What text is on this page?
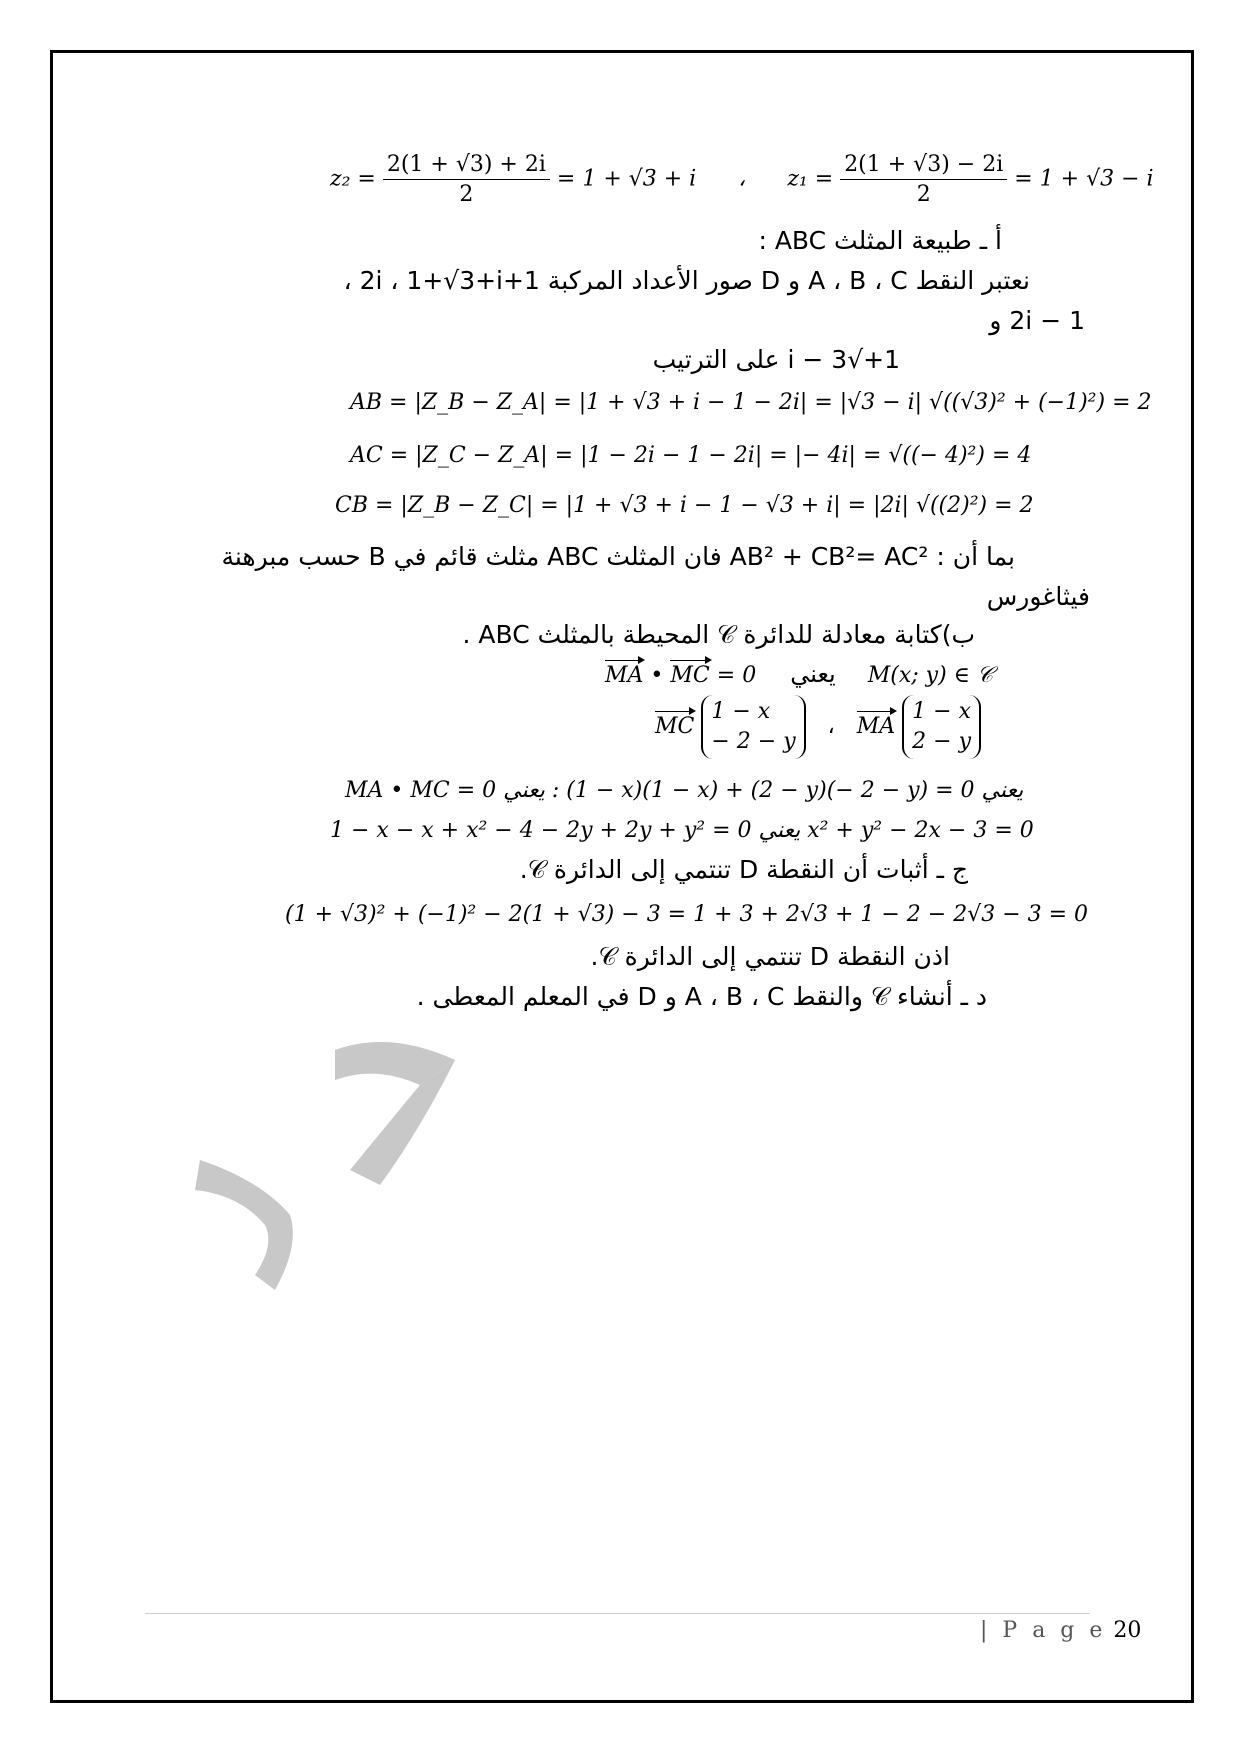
$z_2 = \frac{2(1 + √3) + 2i}{2} = 1 + √3 + i$ ، $z_1 = \frac{2(1 + √3) - 2i}{2} = 1 + √3 - i$
أ ـ طبيعة المثلث ABC :
نعتبر النقط A ، B ، C و D صور الأعداد المركبة 1+2i ، 1+√3+i ،
1 − 2i و
1+√3 − i على الترتيب
AB = |Z_B − Z_A| = |1 + √3 + i − 1 − 2i| = |√3 − i| √((√3)² + (−1)²) = 2
AC = |Z_C − Z_A| = |1 − 2i − 1 − 2i| = |− 4i| = √((− 4)²) = 4
CB = |Z_B − Z_C| = |1 + √3 + i − 1 − √3 + i| = |2i| √((2)²) = 2
بما أن : AB² + CB²= AC² فان المثلث ABC مثلث قائم في B حسب مبرهنة
فيثاغورس
ب)كتابة معادلة للدائرة 𝒞 المحيطة بالمثلث ABC .
MA • MC = 0 يعني M(x; y) ∈ 𝒞
MC
1 − x
− 2 − y
، MA
1 − x
2 − y
MA • MC = 0 يعني : (1 − x)(1 − x) + (2 − y)(− 2 − y) = 0 يعني
1 − x − x + x² − 4 − 2y + 2y + y² = 0 يعني x² + y² − 2x − 3 = 0
ج ـ أثبات أن النقطة D تنتمي إلى الدائرة 𝒞.
(1 + √3)² + (−1)² − 2(1 + √3) − 3 = 1 + 3 + 2√3 + 1 − 2 − 2√3 − 3 = 0
اذن النقطة D تنتمي إلى الدائرة 𝒞.
د ـ أنشاء 𝒞 والنقط A ، B ، C و D في المعلم المعطى .
| P a g e 20
